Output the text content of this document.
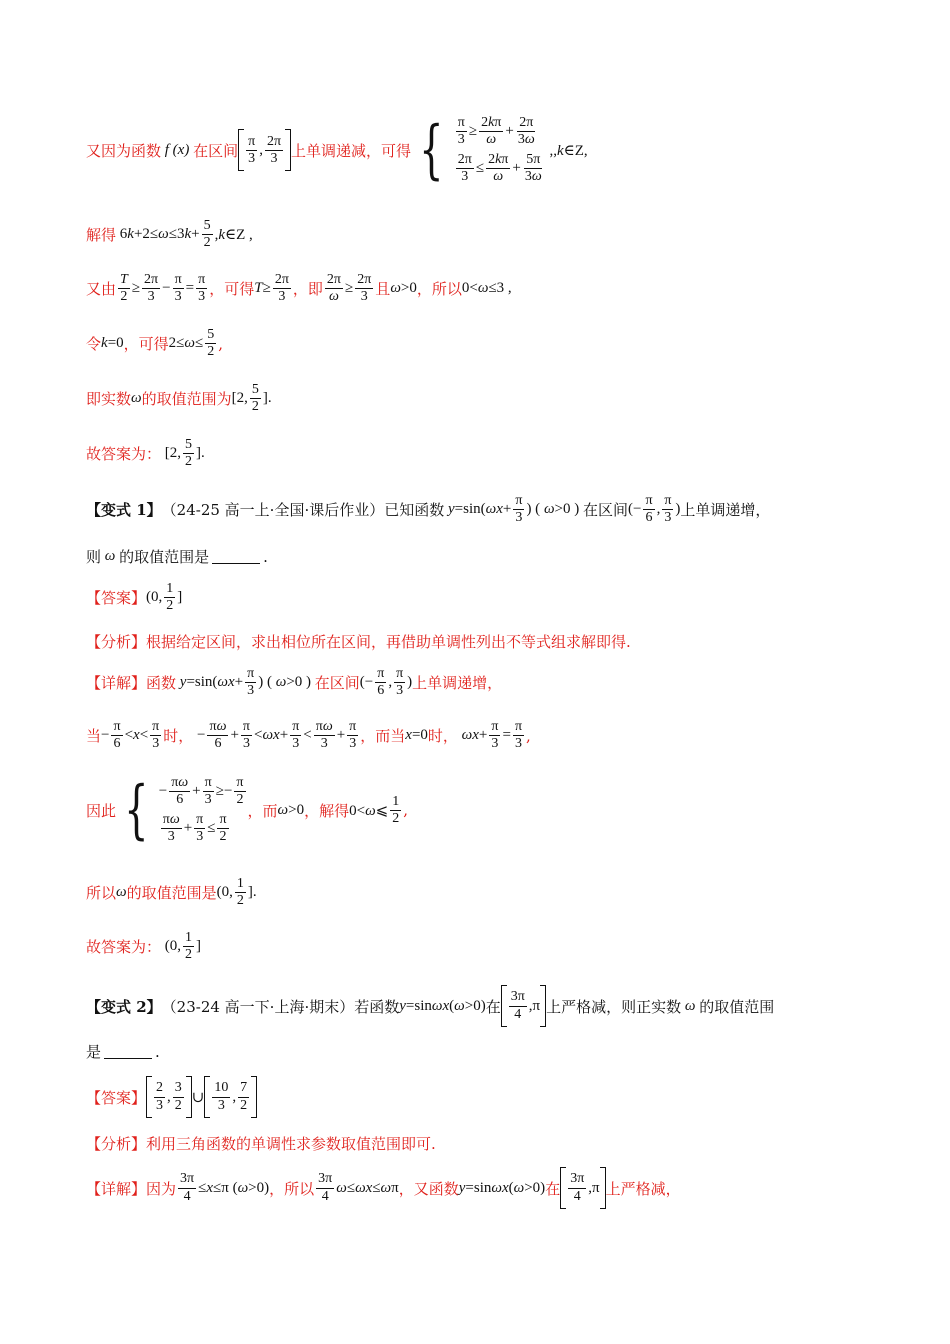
又因为函数 f (x) 在区间 $\frac{\pi}{3}$ , $\frac{2\pi}{3}$ 上单调递减，可得 { $\frac{\pi}{3} \ge \frac{2k\pi}{\omega} + \frac{2\pi}{3\omega}$
$\frac{2\pi}{3} \le \frac{2k\pi}{\omega} + \frac{5\pi}{3\omega}$
,,k∈Z,
解得 $6k+2\le\omega\le 3k+ \frac{5}{2}$ ,k∈Z ,
又由 $\frac{T}{2} \ge \frac{2\pi}{3} - \frac{\pi}{3} = \frac{\pi}{3}$ ，可得 $T\ge \frac{2\pi}{3}$ ，即 $\frac{2\pi}{\omega} \ge \frac{2\pi}{3}$ 且 ω>0 ，所以 0<ω≤3 ,
令 k=0 ，可得 $2\le\omega\le \frac{5}{2}$ ,
即实数 ω 的取值范围为 [2, $\frac{5}{2}$ ].
故答案为： [2, $\frac{5}{2}$ ].
【变式 1】 （24-25 高一上·全国·课后作业） 已知函数 $y=\sin(\omega x+ \frac{\pi}{3}$ ) ( ω>0 ) 在区间 (− $\frac{\pi}{6}$ , $\frac{\pi}{3}$ ) 上单调递增，
则 ω 的取值范围是	.
【答案】 (0, $\frac{1}{2}$ ]
【分析】 根据给定区间，求出相位所在区间，再借助单调性列出不等式组求解即得.
【详解】 函数 $y=\sin(\omega x+ \frac{\pi}{3}$ ) ( ω>0 ) 在区间 (− $\frac{\pi}{6}$ , $\frac{\pi}{3}$ ) 上单调递增，
当 − $\frac{\pi}{6} <x< \frac{\pi}{3}$ 时， − $\frac{\pi\omega}{6} + \frac{\pi}{3} <\omega x+ \frac{\pi}{3} < \frac{\pi\omega}{3} + \frac{\pi}{3}$ ，而当 x=0 时， $\omega x+ \frac{\pi}{3} = \frac{\pi}{3}$ ,
因此 { − $\frac{\pi\omega}{6} + \frac{\pi}{3} \ge- \frac{\pi}{2}$
$\frac{\pi\omega}{3} + \frac{\pi}{3} \le \frac{\pi}{2}$
，而 ω>0 ，解得 0<ω⩽ $\frac{1}{2}$ ,
所以 ω 的取值范围是 (0, $\frac{1}{2}$ ].
故答案为： (0, $\frac{1}{2}$ ]
【变式 2】 （23-24 高一下·上海·期末） 若函数 y=sinωx(ω>0) 在 $\frac{3\pi}{4} ,\pi$ 上严格减，则正实数 ω 的取值范围
是	.
【答案】 $\frac{2}{3}$ , $\frac{3}{2}$ ∪ $\frac{10}{3}$ , $\frac{7}{2}$
【分析】 利用三角函数的单调性求参数取值范围即可.
【详解】 因为 $\frac{3\pi}{4} \le x\le\pi$ (ω>0) ，所以 $\frac{3\pi}{4} \omega\le\omega x\le\omega\pi$ ，又函数 y=sinωx(ω>0) 在 $\frac{3\pi}{4} ,\pi$ 上严格减，
